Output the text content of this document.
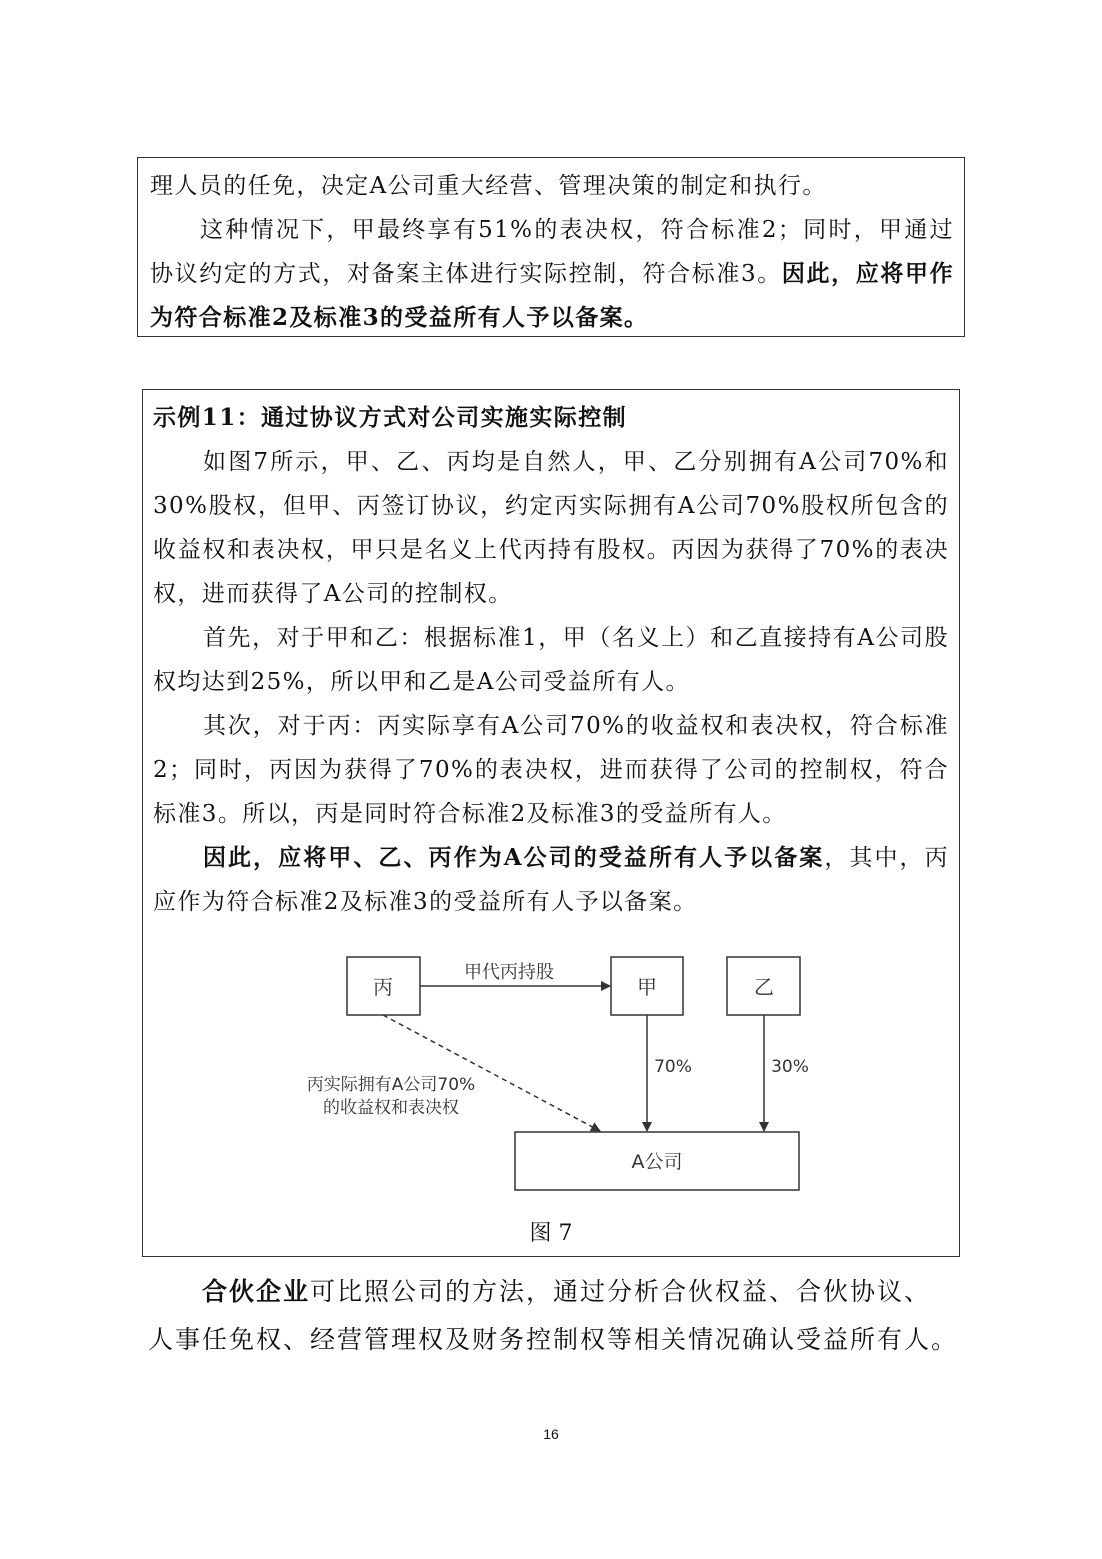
理人员的任免，决定A公司重大经营、管理决策的制定和执行。

这种情况下，甲最终享有51%的表决权，符合标准2；同时，甲通过协议约定的方式，对备案主体进行实际控制，符合标准3。因此，应将甲作为符合标准2及标准3的受益所有人予以备案。

示例11：通过协议方式对公司实施实际控制

如图7所示，甲、乙、丙均是自然人，甲、乙分别拥有A公司70%和30%股权，但甲、丙签订协议，约定丙实际拥有A公司70%股权所包含的收益权和表决权，甲只是名义上代丙持有股权。丙因为获得了70%的表决权，进而获得了A公司的控制权。

首先，对于甲和乙：根据标准1，甲（名义上）和乙直接持有A公司股权均达到25%，所以甲和乙是A公司受益所有人。

其次，对于丙：丙实际享有A公司70%的收益权和表决权，符合标准2；同时，丙因为获得了70%的表决权，进而获得了公司的控制权，符合标准3。所以，丙是同时符合标准2及标准3的受益所有人。

因此，应将甲、乙、丙作为A公司的受益所有人予以备案，其中，丙应作为符合标准2及标准3的受益所有人予以备案。

丙	甲	乙
A公司
甲代丙持股
70%	30%
丙实际拥有A公司70%
的收益权和表决权
图 7
合伙企业可比照公司的方法，通过分析合伙权益、合伙协议、人事任免权、经营管理权及财务控制权等相关情况确认受益所有人。
16
